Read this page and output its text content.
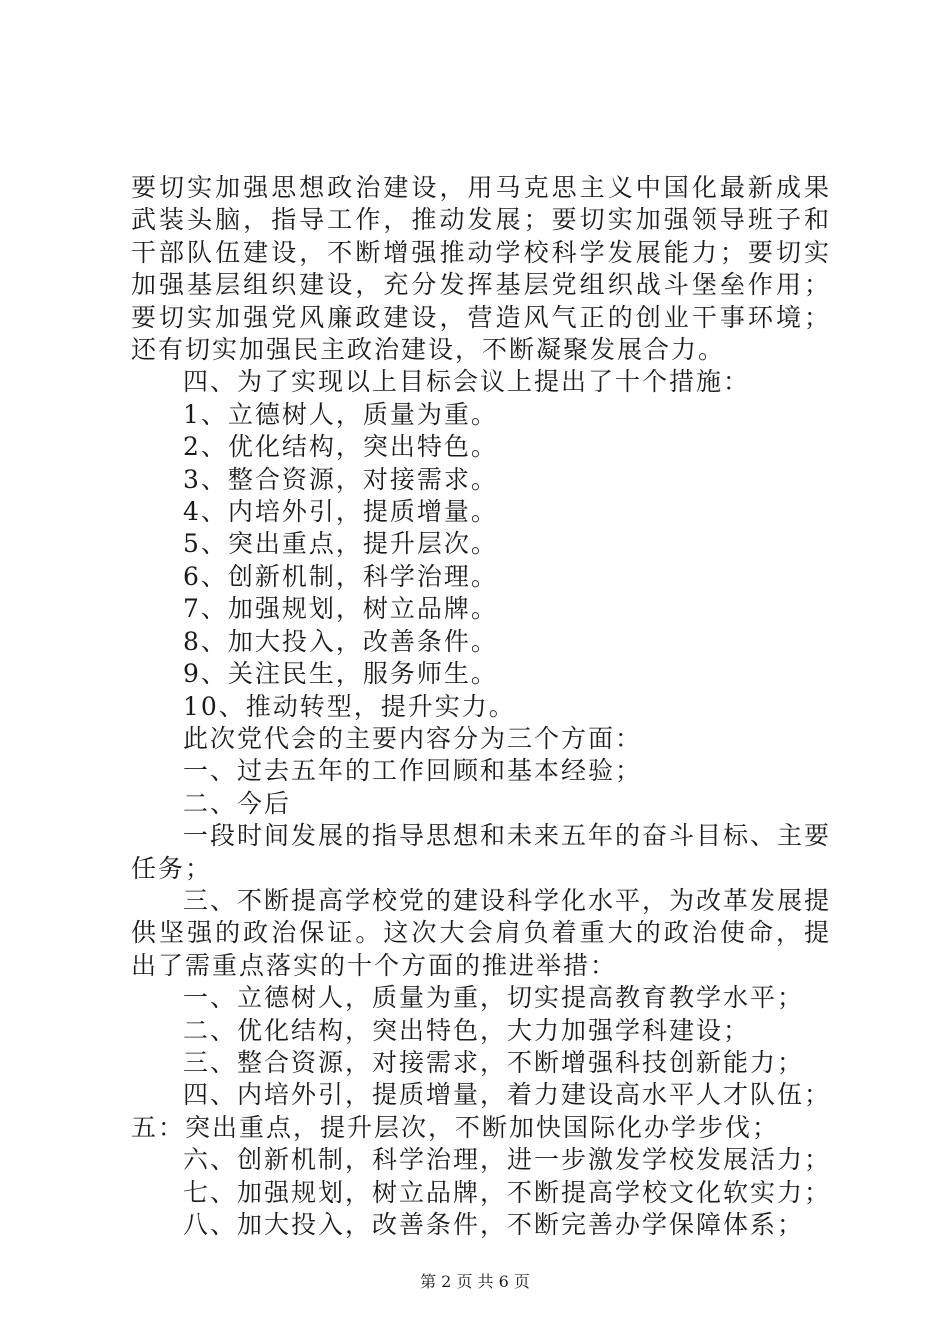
要切实加强思想政治建设，用马克思主义中国化最新成果武装头脑，指导工作，推动发展；要切实加强领导班子和干部队伍建设，不断增强推动学校科学发展能力；要切实加强基层组织建设，充分发挥基层党组织战斗堡垒作用；要切实加强党风廉政建设，营造风气正的创业干事环境；还有切实加强民主政治建设，不断凝聚发展合力。

四、为了实现以上目标会议上提出了十个措施：

1、立德树人，质量为重。

2、优化结构，突出特色。

3、整合资源，对接需求。

4、内培外引，提质增量。

5、突出重点，提升层次。

6、创新机制，科学治理。

7、加强规划，树立品牌。

8、加大投入，改善条件。

9、关注民生，服务师生。

10、推动转型，提升实力。

此次党代会的主要内容分为三个方面：

一、过去五年的工作回顾和基本经验；

二、今后

一段时间发展的指导思想和未来五年的奋斗目标、主要任务；

三、不断提高学校党的建设科学化水平，为改革发展提供坚强的政治保证。这次大会肩负着重大的政治使命，提出了需重点落实的十个方面的推进举措：

一、立德树人，质量为重，切实提高教育教学水平；

二、优化结构，突出特色，大力加强学科建设；

三、整合资源，对接需求，不断增强科技创新能力；

四、内培外引，提质增量，着力建设高水平人才队伍；五：突出重点，提升层次，不断加快国际化办学步伐；

六、创新机制，科学治理，进一步激发学校发展活力；

七、加强规划，树立品牌，不断提高学校文化软实力；

八、加大投入，改善条件，不断完善办学保障体系；

第 2 页 共 6 页
